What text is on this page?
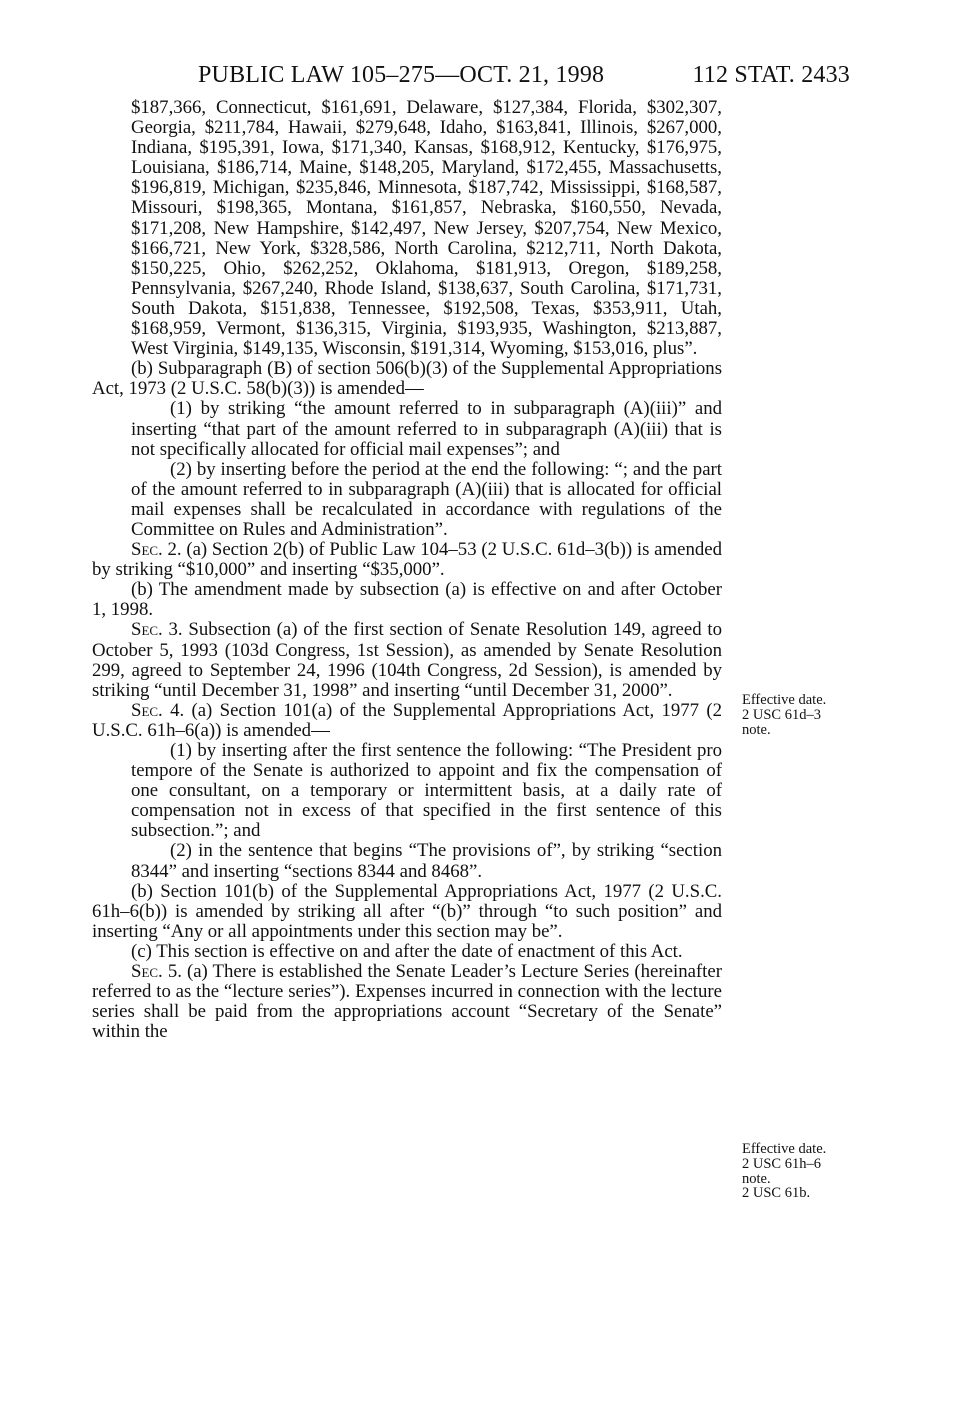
PUBLIC LAW 105–275—OCT. 21, 1998	112 STAT. 2433

$187,366, Connecticut, $161,691, Delaware, $127,384, Florida, $302,307, Georgia, $211,784, Hawaii, $279,648, Idaho, $163,841, Illinois, $267,000, Indiana, $195,391, Iowa, $171,340, Kansas, $168,912, Kentucky, $176,975, Louisiana, $186,714, Maine, $148,205, Maryland, $172,455, Massachusetts, $196,819, Michigan, $235,846, Minnesota, $187,742, Mississippi, $168,587, Missouri, $198,365, Montana, $161,857, Nebraska, $160,550, Nevada, $171,208, New Hampshire, $142,497, New Jersey, $207,754, New Mexico, $166,721, New York, $328,586, North Carolina, $212,711, North Dakota, $150,225, Ohio, $262,252, Oklahoma, $181,913, Oregon, $189,258, Pennsylvania, $267,240, Rhode Island, $138,637, South Carolina, $171,731, South Dakota, $151,838, Tennessee, $192,508, Texas, $353,911, Utah, $168,959, Vermont, $136,315, Virginia, $193,935, Washington, $213,887, West Virginia, $149,135, Wisconsin, $191,314, Wyoming, $153,016, plus”.

(b) Subparagraph (B) of section 506(b)(3) of the Supplemental Appropriations Act, 1973 (2 U.S.C. 58(b)(3)) is amended—

(1) by striking “the amount referred to in subparagraph (A)(iii)” and inserting “that part of the amount referred to in subparagraph (A)(iii) that is not specifically allocated for official mail expenses”; and

(2) by inserting before the period at the end the following: “; and the part of the amount referred to in subparagraph (A)(iii) that is allocated for official mail expenses shall be recalculated in accordance with regulations of the Committee on Rules and Administration”.

Sec. 2. (a) Section 2(b) of Public Law 104–53 (2 U.S.C. 61d–3(b)) is amended by striking “$10,000” and inserting “$35,000”.

(b) The amendment made by subsection (a) is effective on and after October 1, 1998.

Sec. 3. Subsection (a) of the first section of Senate Resolution 149, agreed to October 5, 1993 (103d Congress, 1st Session), as amended by Senate Resolution 299, agreed to September 24, 1996 (104th Congress, 2d Session), is amended by striking “until December 31, 1998” and inserting “until December 31, 2000”.

Sec. 4. (a) Section 101(a) of the Supplemental Appropriations Act, 1977 (2 U.S.C. 61h–6(a)) is amended—

(1) by inserting after the first sentence the following: “The President pro tempore of the Senate is authorized to appoint and fix the compensation of one consultant, on a temporary or intermittent basis, at a daily rate of compensation not in excess of that specified in the first sentence of this subsection.”; and

(2) in the sentence that begins “The provisions of”, by striking “section 8344” and inserting “sections 8344 and 8468”.

(b) Section 101(b) of the Supplemental Appropriations Act, 1977 (2 U.S.C. 61h–6(b)) is amended by striking all after “(b)” through “to such position” and inserting “Any or all appointments under this section may be”.

(c) This section is effective on and after the date of enactment of this Act.

Sec. 5. (a) There is established the Senate Leader’s Lecture Series (hereinafter referred to as the “lecture series”). Expenses incurred in connection with the lecture series shall be paid from the appropriations account “Secretary of the Senate” within the

Effective date.
2 USC 61d–3
note.
Effective date.
2 USC 61h–6
note.
2 USC 61b.
